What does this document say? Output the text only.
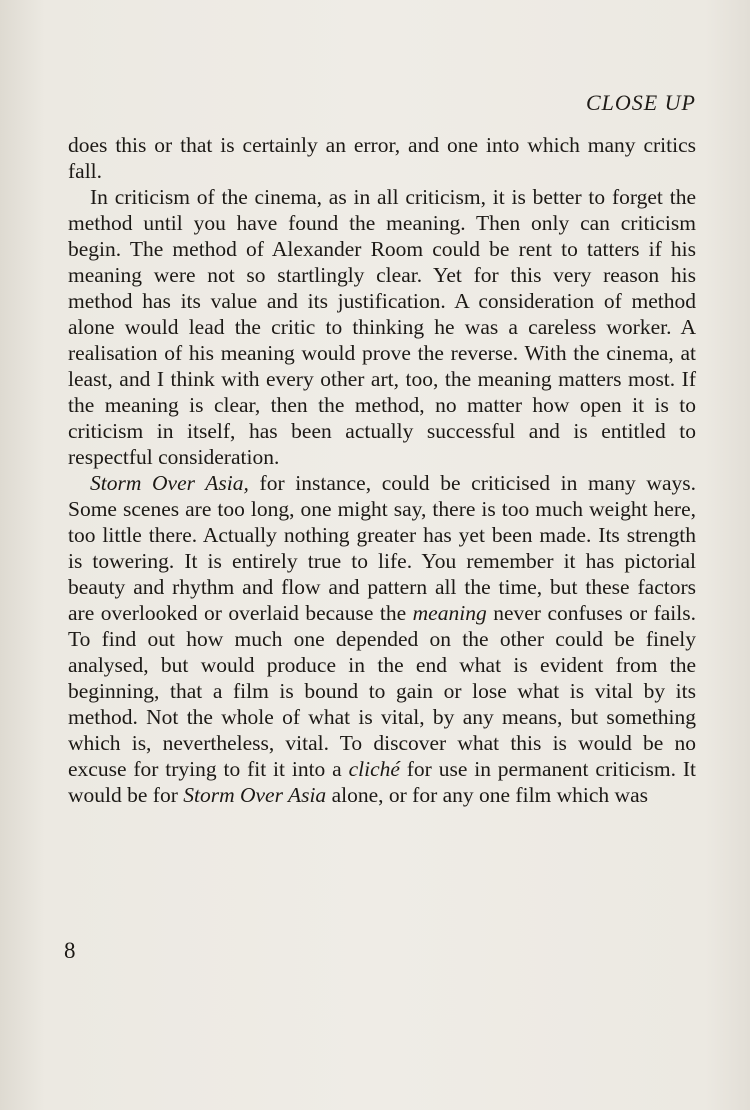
CLOSE UP

does this or that is certainly an error, and one into which many critics fall.

In criticism of the cinema, as in all criticism, it is better to forget the method until you have found the meaning. Then only can criticism begin. The method of Alexander Room could be rent to tatters if his meaning were not so startlingly clear. Yet for this very reason his method has its value and its justification. A consideration of method alone would lead the critic to thinking he was a careless worker. A realisation of his meaning would prove the reverse. With the cinema, at least, and I think with every other art, too, the meaning matters most. If the meaning is clear, then the method, no matter how open it is to criticism in itself, has been actually successful and is entitled to respectful consideration.

Storm Over Asia, for instance, could be criticised in many ways. Some scenes are too long, one might say, there is too much weight here, too little there. Actually nothing greater has yet been made. Its strength is towering. It is entirely true to life. You remember it has pictorial beauty and rhythm and flow and pattern all the time, but these factors are overlooked or overlaid because the meaning never confuses or fails. To find out how much one depended on the other could be finely analysed, but would produce in the end what is evident from the beginning, that a film is bound to gain or lose what is vital by its method. Not the whole of what is vital, by any means, but something which is, nevertheless, vital. To discover what this is would be no excuse for trying to fit it into a cliché for use in permanent criticism. It would be for Storm Over Asia alone, or for any one film which was

8
